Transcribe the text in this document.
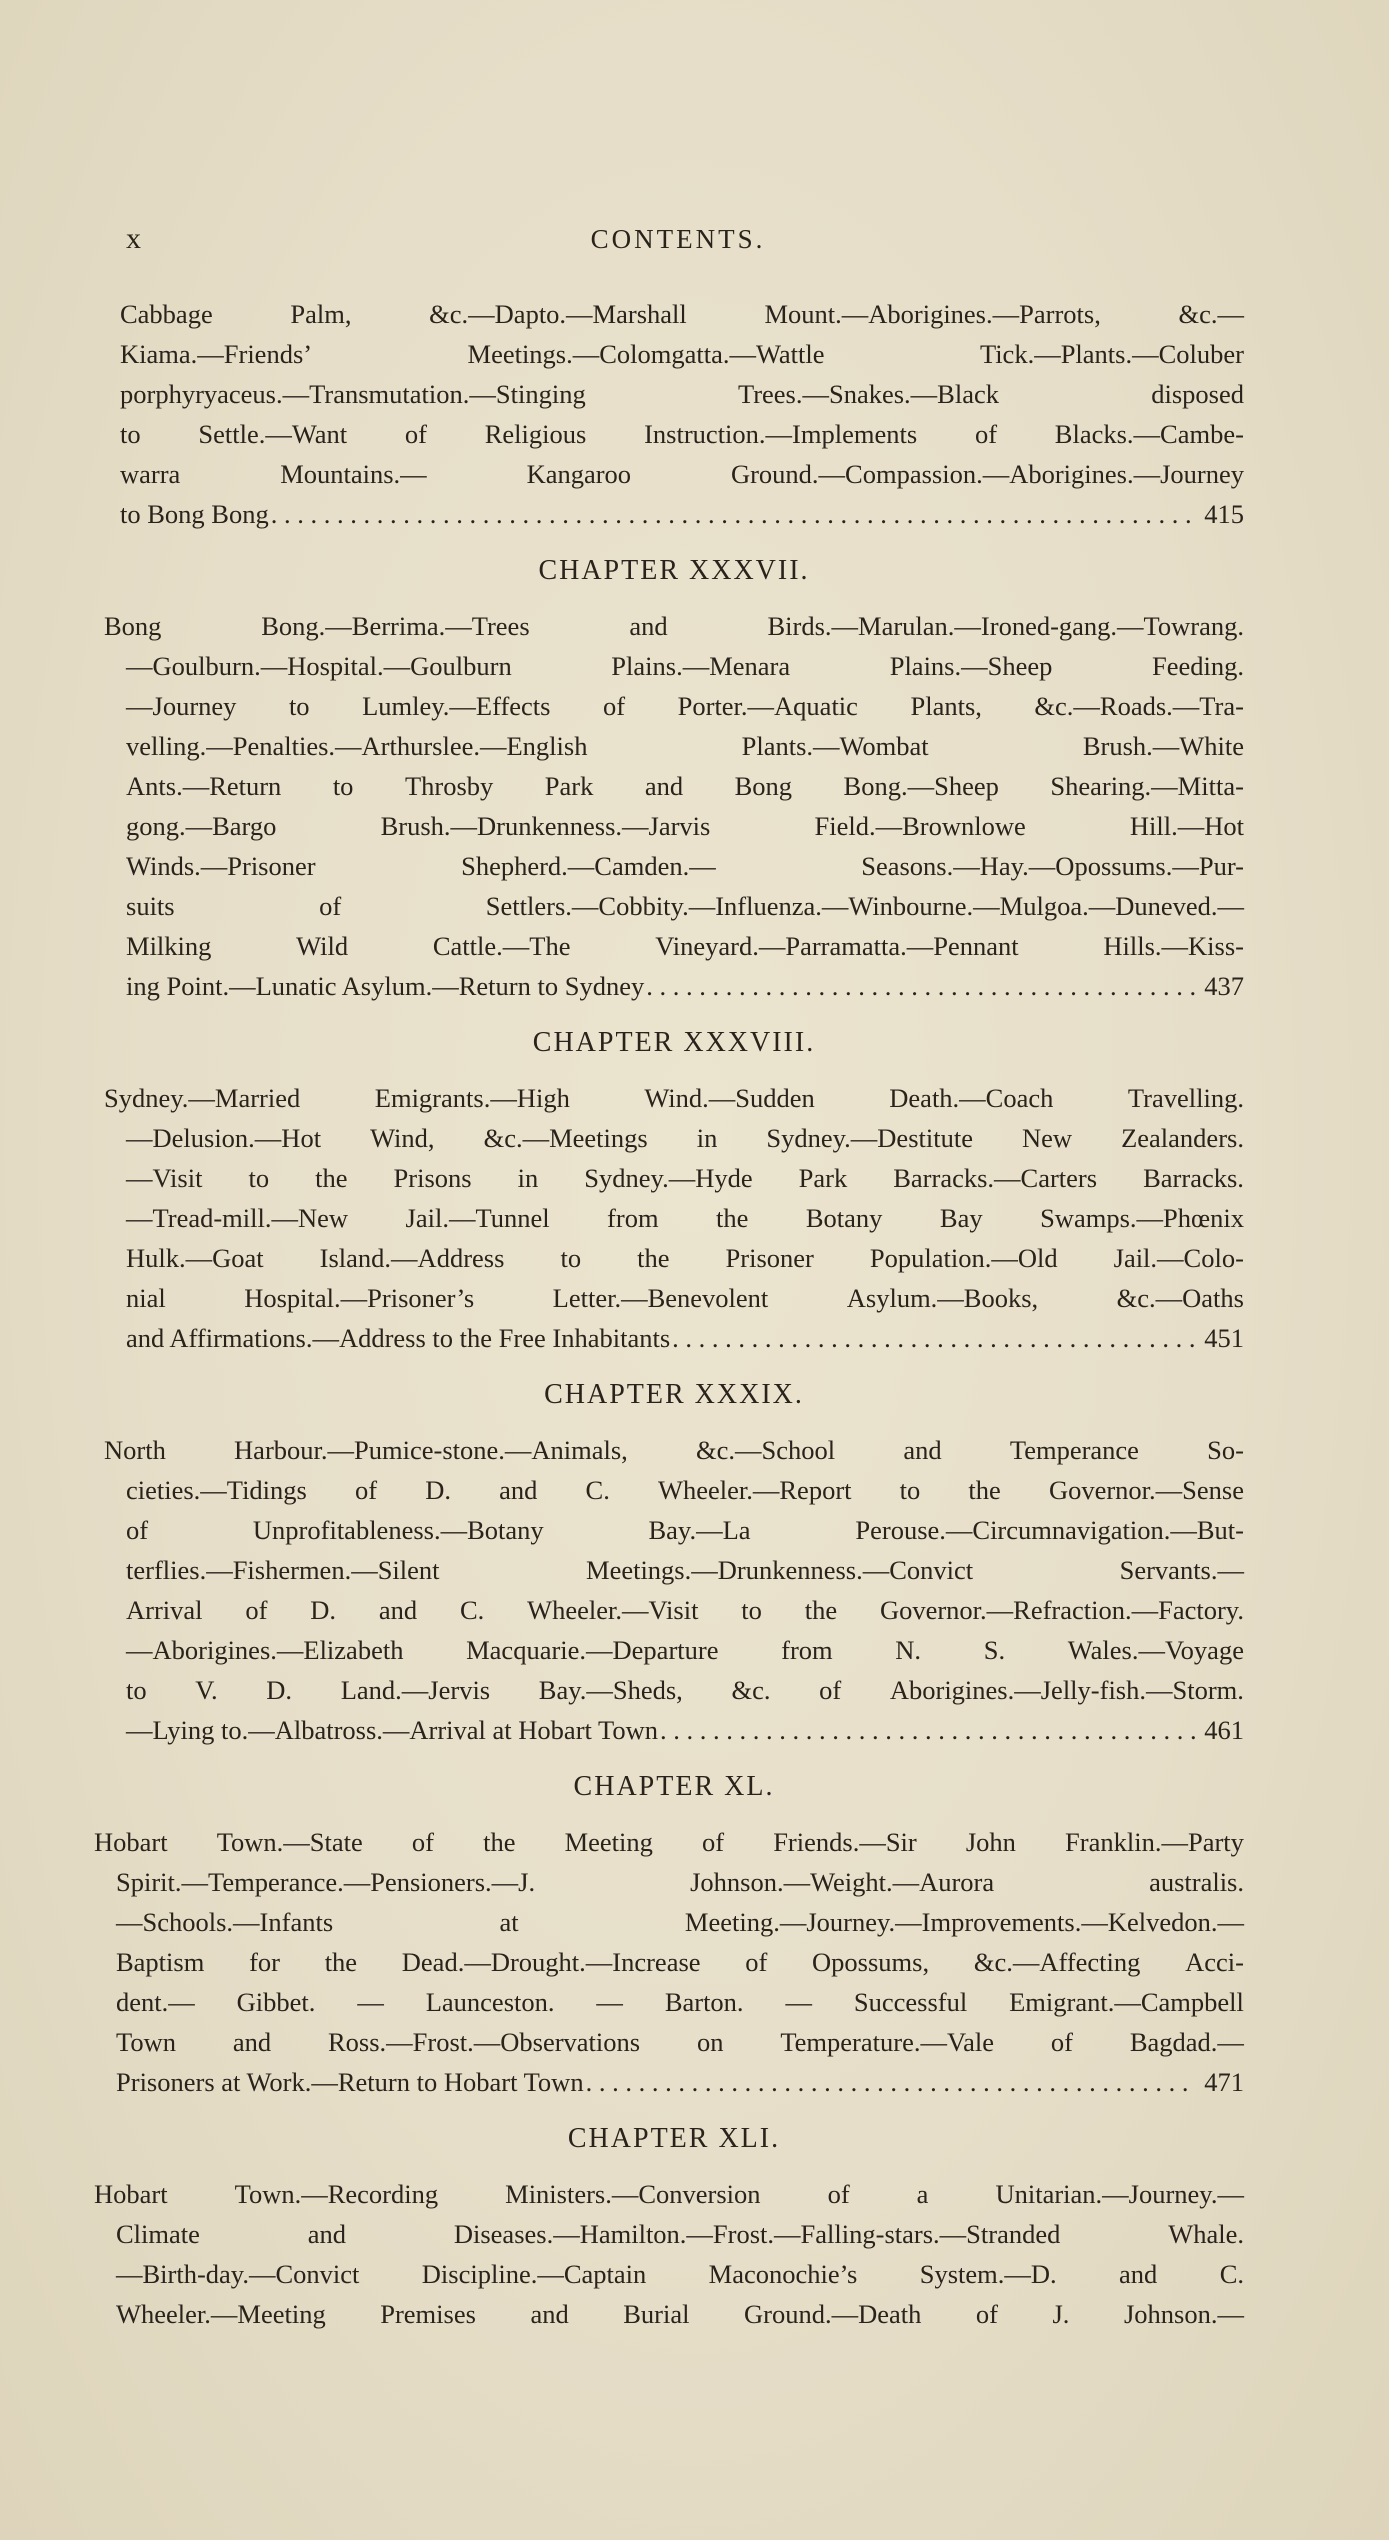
x	CONTENTS.
Cabbage	Palm,	&c.—Dapto.—Marshall	Mount.—Aborigines.—Parrots,	&c.—
Kiama.—Friends’	Meetings.—Colomgatta.—Wattle	Tick.—Plants.—Coluber
porphyryaceus.—Transmutation.—Stinging	Trees.—Snakes.—Black	disposed
to Settle.—Want of Religious Instruction.—Implements of Blacks.—Cambe-
warra	Mountains.—	Kangaroo	Ground.—Compassion.—Aborigines.—Journey
to Bong Bong . . .	415
CHAPTER XXXVII.
Bong	Bong.—Berrima.—Trees	and	Birds.—Marulan.—Ironed-gang.—Towrang.
—Goulburn.—Hospital.—Goulburn	Plains.—Menara	Plains.—Sheep	Feeding.
—Journey to Lumley.—Effects of Porter.—Aquatic Plants, &c.—Roads.—Tra-
velling.—Penalties.—Arthurslee.—English	Plants.—Wombat	Brush.—White
Ants.—Return to Throsby Park and Bong Bong.—Sheep Shearing.—Mitta-
gong.—Bargo	Brush.—Drunkenness.—Jarvis	Field.—Brownlowe	Hill.—Hot
Winds.—Prisoner	Shepherd.—Camden.—	Seasons.—Hay.—Opossums.—Pur-
suits	of	Settlers.—Cobbity.—Influenza.—Winbourne.—Mulgoa.—Duneved.—
Milking	Wild	Cattle.—The	Vineyard.—Parramatta.—Pennant	Hills.—Kiss-
ing Point.—Lunatic Asylum.—Return to Sydney . . .	437
CHAPTER XXXVIII.
Sydney.—Married	Emigrants.—High	Wind.—Sudden	Death.—Coach	Travelling.
—Delusion.—Hot Wind, &c.—Meetings in Sydney.—Destitute New Zealanders.
—Visit to the Prisons in Sydney.—Hyde Park Barracks.—Carters Barracks.
—Tread-mill.—New Jail.—Tunnel from the Botany Bay Swamps.—Phœnix
Hulk.—Goat Island.—Address to the Prisoner Population.—Old Jail.—Colo-
nial	Hospital.—Prisoner’s	Letter.—Benevolent	Asylum.—Books,	&c.—Oaths
and Affirmations.—Address to the Free Inhabitants . . .	451
CHAPTER XXXIX.
North	Harbour.—Pumice-stone.—Animals,	&c.—School	and	Temperance	So-
cieties.—Tidings of D. and C. Wheeler.—Report to the Governor.—Sense
of	Unprofitableness.—Botany	Bay.—La	Perouse.—Circumnavigation.—But-
terflies.—Fishermen.—Silent	Meetings.—Drunkenness.—Convict	Servants.—
Arrival of D. and C. Wheeler.—Visit to the Governor.—Refraction.—Factory.
—Aborigines.—Elizabeth Macquarie.—Departure from N. S. Wales.—Voyage
to V. D. Land.—Jervis Bay.—Sheds, &c. of Aborigines.—Jelly-fish.—Storm.
—Lying to.—Albatross.—Arrival at Hobart Town . . .	461
CHAPTER XL.
Hobart Town.—State of the Meeting of Friends.—Sir John Franklin.—Party
Spirit.—Temperance.—Pensioners.—J.	Johnson.—Weight.—Aurora	australis.
—Schools.—Infants	at	Meeting.—Journey.—Improvements.—Kelvedon.—
Baptism for the Dead.—Drought.—Increase of Opossums, &c.—Affecting Acci-
dent.— Gibbet. — Launceston. — Barton. — Successful Emigrant.—Campbell
Town and Ross.—Frost.—Observations on Temperature.—Vale of Bagdad.—
Prisoners at Work.—Return to Hobart Town . . .	471
CHAPTER XLI.
Hobart	Town.—Recording	Ministers.—Conversion	of	a	Unitarian.—Journey.—
Climate	and	Diseases.—Hamilton.—Frost.—Falling-stars.—Stranded	Whale.
—Birth-day.—Convict Discipline.—Captain Maconochie’s System.—D. and C.
Wheeler.—Meeting Premises and Burial Ground.—Death of J. Johnson.—
